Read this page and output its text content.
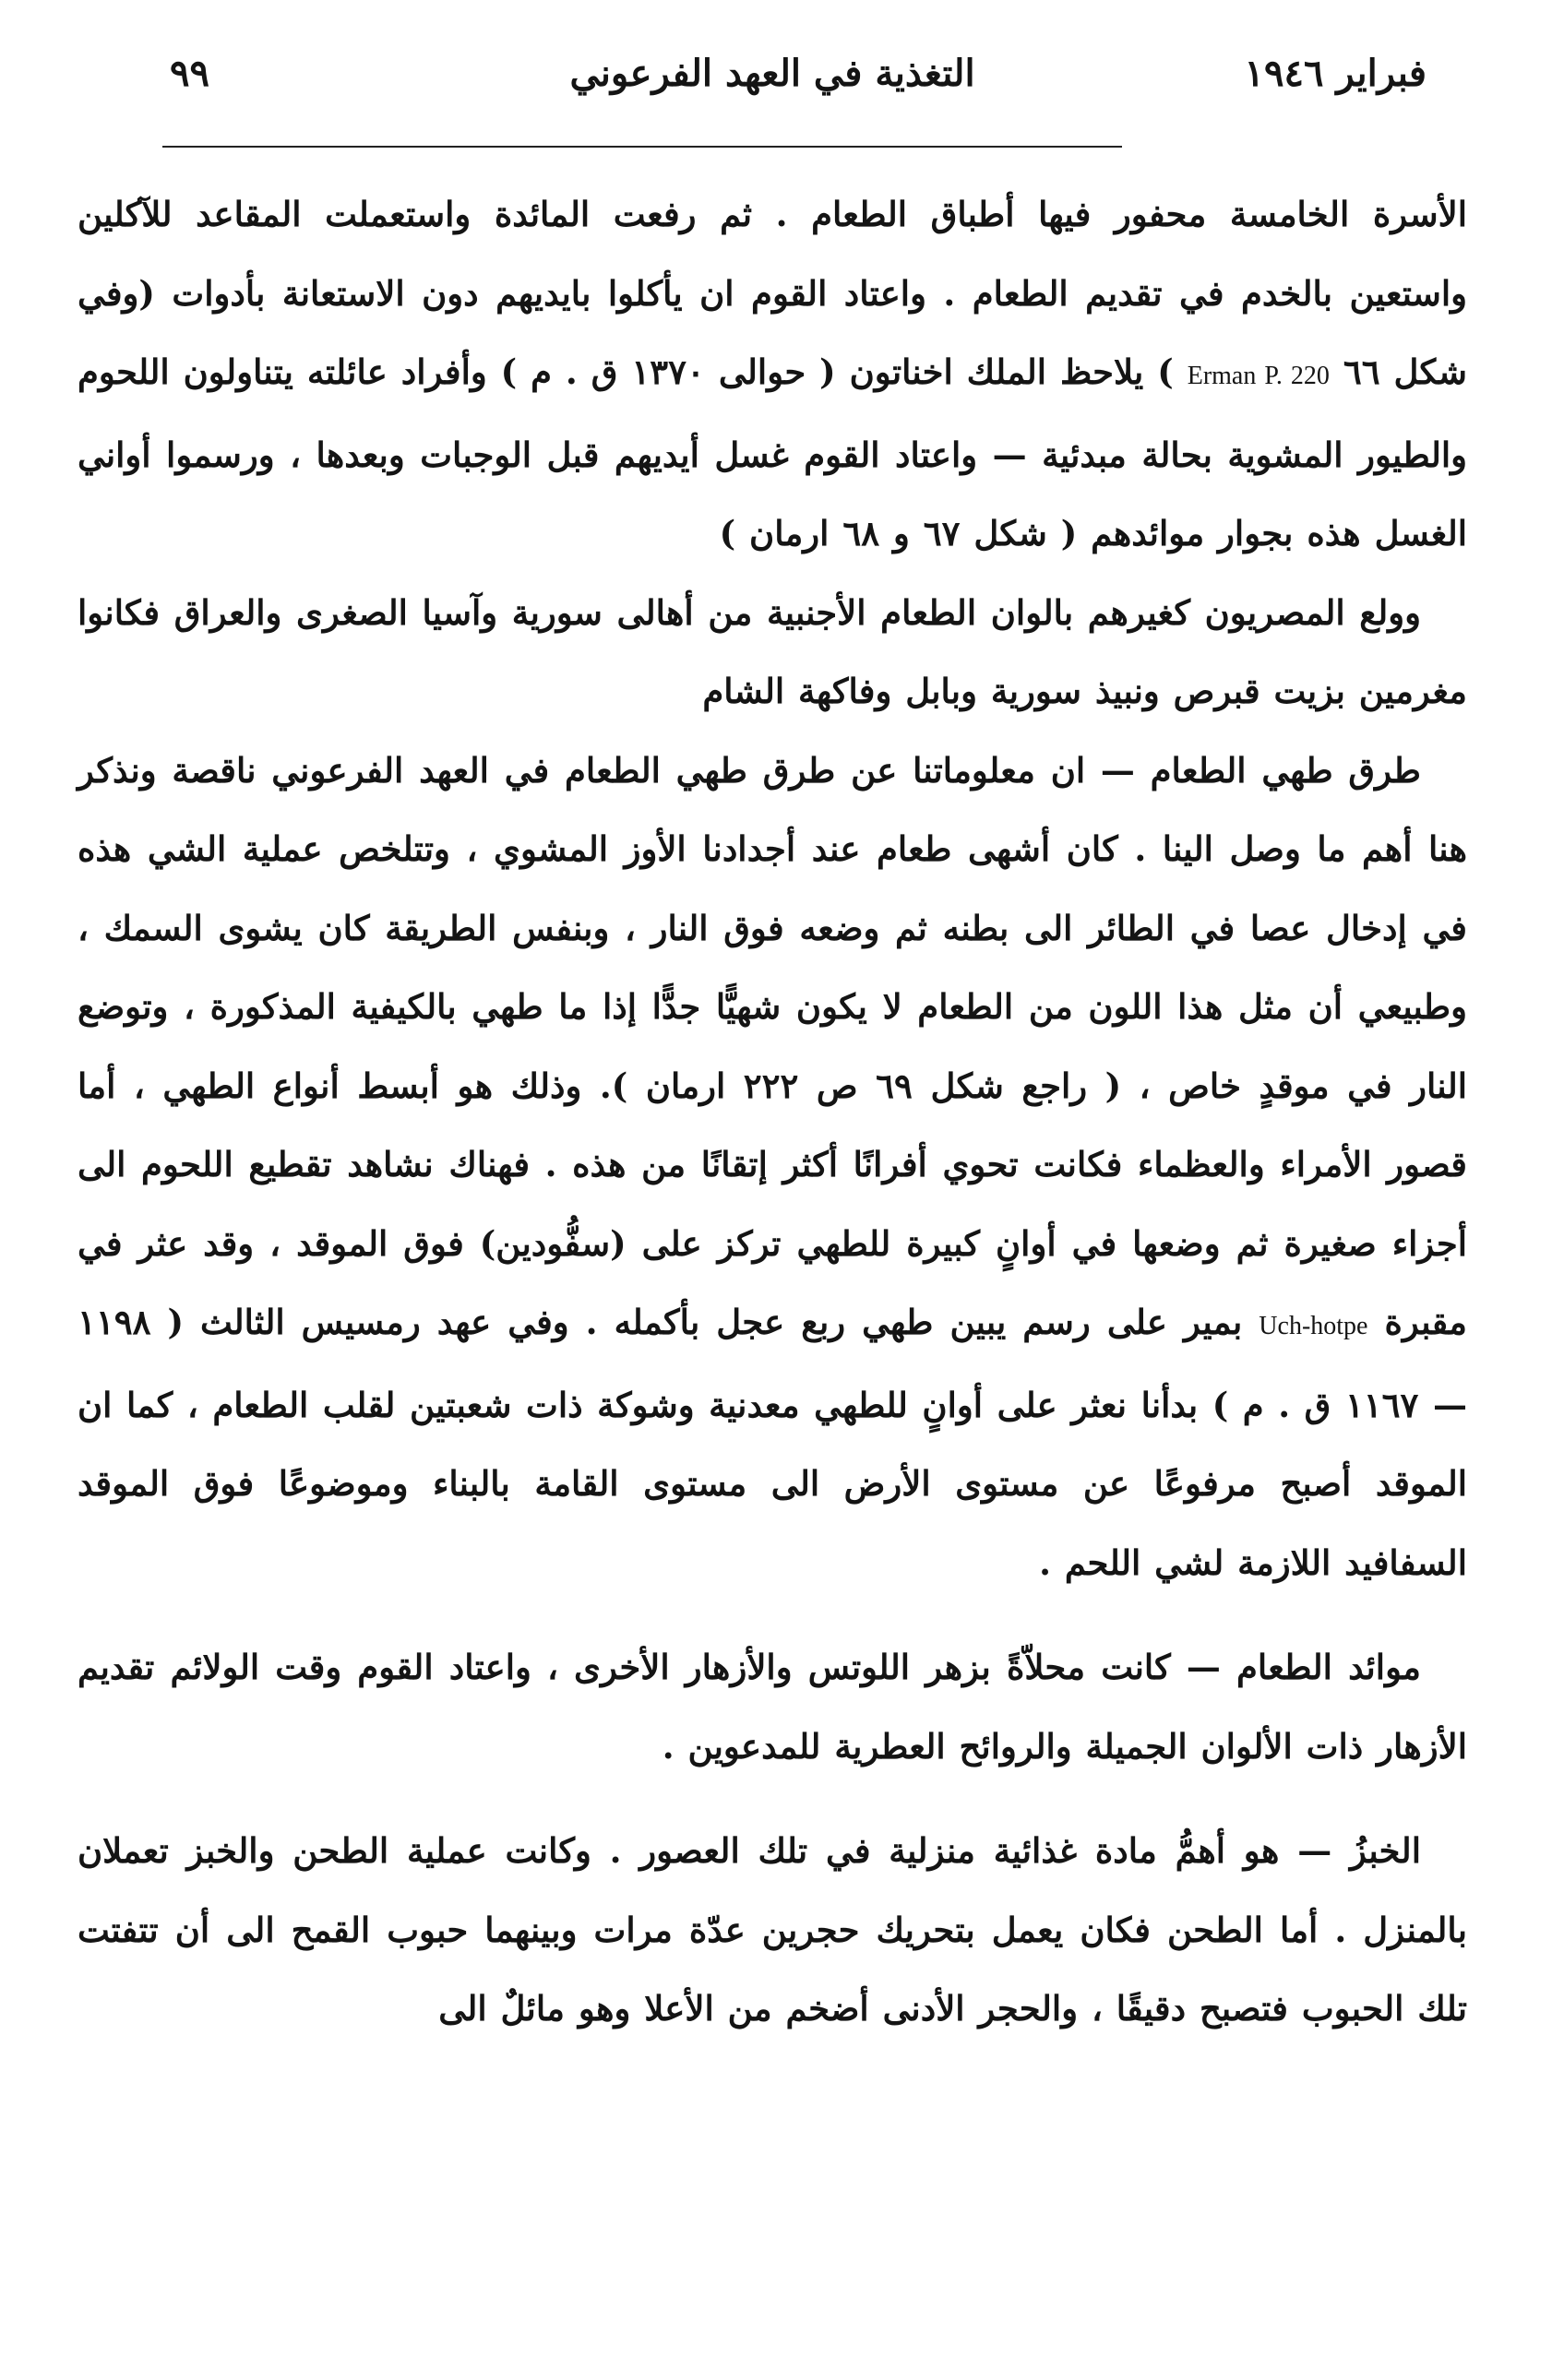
فبراير ١٩٤٦
التغذية في العهد الفرعوني
٩٩

الأسرة الخامسة محفور فيها أطباق الطعام . ثم رفعت المائدة واستعملت المقاعد للآكلين واستعين بالخدم في تقديم الطعام . واعتاد القوم ان يأكلوا بايديهم دون الاستعانة بأدوات (وفي شكل ٦٦ Erman P. 220 ) يلاحظ الملك اخناتون ( حوالى ١٣٧٠ ق . م ) وأفراد عائلته يتناولون اللحوم والطيور المشوية بحالة مبدئية — واعتاد القوم غسل أيديهم قبل الوجبات وبعدها ، ورسموا أواني الغسل هذه بجوار موائدهم ( شكل ٦٧ و ٦٨ ارمان )

وولع المصريون كغيرهم بالوان الطعام الأجنبية من أهالى سورية وآسيا الصغرى والعراق فكانوا مغرمين بزيت قبرص ونبيذ سورية وبابل وفاكهة الشام

طرق طهي الطعام — ان معلوماتنا عن طرق طهي الطعام في العهد الفرعوني ناقصة ونذكر هنا أهم ما وصل الينا . كان أشهى طعام عند أجدادنا الأوز المشوي ، وتتلخص عملية الشي هذه في إدخال عصا في الطائر الى بطنه ثم وضعه فوق النار ، وبنفس الطريقة كان يشوى السمك ، وطبيعي أن مثل هذا اللون من الطعام لا يكون شهيًّا جدًّا إذا ما طهي بالكيفية المذكورة ، وتوضع النار في موقدٍ خاص ، ( راجع شكل ٦٩ ص ٢٢٢ ارمان ). وذلك هو أبسط أنواع الطهي ، أما قصور الأمراء والعظماء فكانت تحوي أفرانًا أكثر إتقانًا من هذه . فهناك نشاهد تقطيع اللحوم الى أجزاء صغيرة ثم وضعها في أوانٍ كبيرة للطهي تركز على (سفُّودين) فوق الموقد ، وقد عثر في مقبرة Uch-hotpe بمير على رسم يبين طهي ربع عجل بأكمله . وفي عهد رمسيس الثالث ( ١١٩٨ — ١١٦٧ ق . م ) بدأنا نعثر على أوانٍ للطهي معدنية وشوكة ذات شعبتين لقلب الطعام ، كما ان الموقد أصبح مرفوعًا عن مستوى الأرض الى مستوى القامة بالبناء وموضوعًا فوق الموقد السفافيد اللازمة لشي اللحم .

موائد الطعام — كانت محلاّةً بزهر اللوتس والأزهار الأخرى ، واعتاد القوم وقت الولائم تقديم الأزهار ذات الألوان الجميلة والروائح العطرية للمدعوين .

الخبزُ — هو أهمُّ مادة غذائية منزلية في تلك العصور . وكانت عملية الطحن والخبز تعملان بالمنزل . أما الطحن فكان يعمل بتحريك حجرين عدّة مرات وبينهما حبوب القمح الى أن تتفتت تلك الحبوب فتصبح دقيقًا ، والحجر الأدنى أضخم من الأعلا وهو مائلٌ الى
